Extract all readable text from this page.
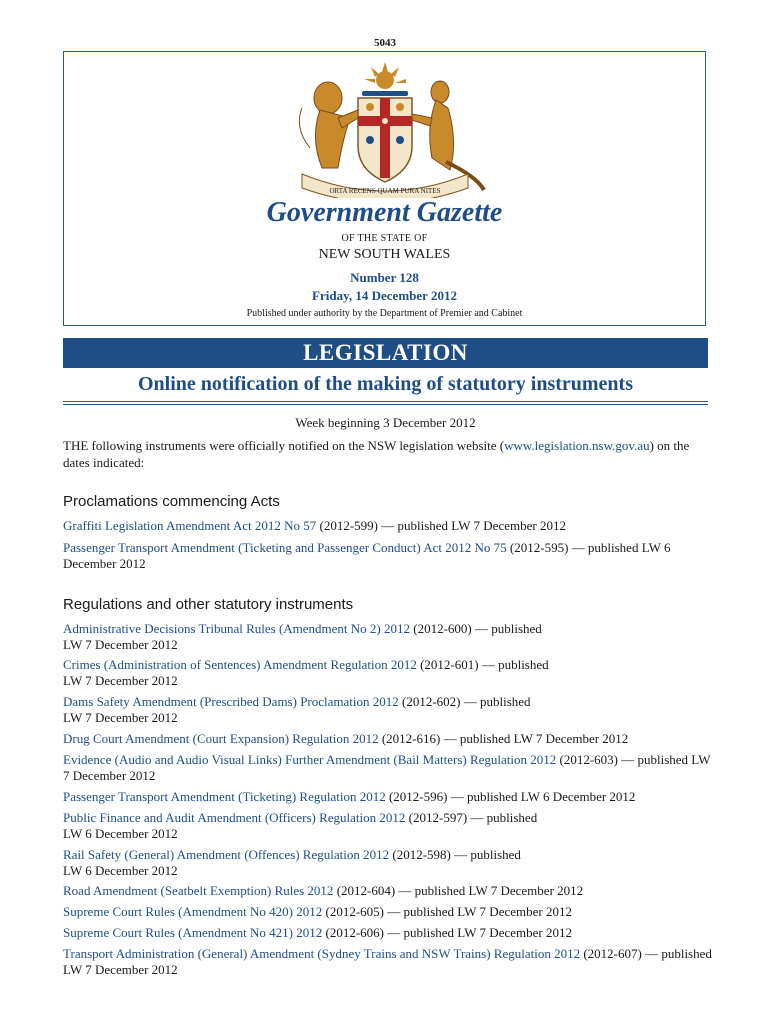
5043
ORTA RECENS QUAM PURA NITES
Government Gazette
OF THE STATE OF
NEW SOUTH WALES
Number 128
Friday, 14 December 2012
Published under authority by the Department of Premier and Cabinet
LEGISLATION
Online notification of the making of statutory instruments
Week beginning 3 December 2012
THE following instruments were officially notified on the NSW legislation website (www.legislation.nsw.gov.au) on the dates indicated:
Proclamations commencing Acts
Graffiti Legislation Amendment Act 2012 No 57 (2012-599) — published LW 7 December 2012
Passenger Transport Amendment (Ticketing and Passenger Conduct) Act 2012 No 75 (2012-595) — published LW 6 December 2012
Regulations and other statutory instruments
Administrative Decisions Tribunal Rules (Amendment No 2) 2012 (2012-600) — published
LW 7 December 2012
Crimes (Administration of Sentences) Amendment Regulation 2012 (2012-601) — published
LW 7 December 2012
Dams Safety Amendment (Prescribed Dams) Proclamation 2012 (2012-602) — published
LW 7 December 2012
Drug Court Amendment (Court Expansion) Regulation 2012 (2012-616) — published LW 7 December 2012
Evidence (Audio and Audio Visual Links) Further Amendment (Bail Matters) Regulation 2012 (2012-603) — published LW 7 December 2012
Passenger Transport Amendment (Ticketing) Regulation 2012 (2012-596) — published LW 6 December 2012
Public Finance and Audit Amendment (Officers) Regulation 2012 (2012-597) — published
LW 6 December 2012
Rail Safety (General) Amendment (Offences) Regulation 2012 (2012-598) — published
LW 6 December 2012
Road Amendment (Seatbelt Exemption) Rules 2012 (2012-604) — published LW 7 December 2012
Supreme Court Rules (Amendment No 420) 2012 (2012-605) — published LW 7 December 2012
Supreme Court Rules (Amendment No 421) 2012 (2012-606) — published LW 7 December 2012
Transport Administration (General) Amendment (Sydney Trains and NSW Trains) Regulation 2012 (2012-607) — published LW 7 December 2012
